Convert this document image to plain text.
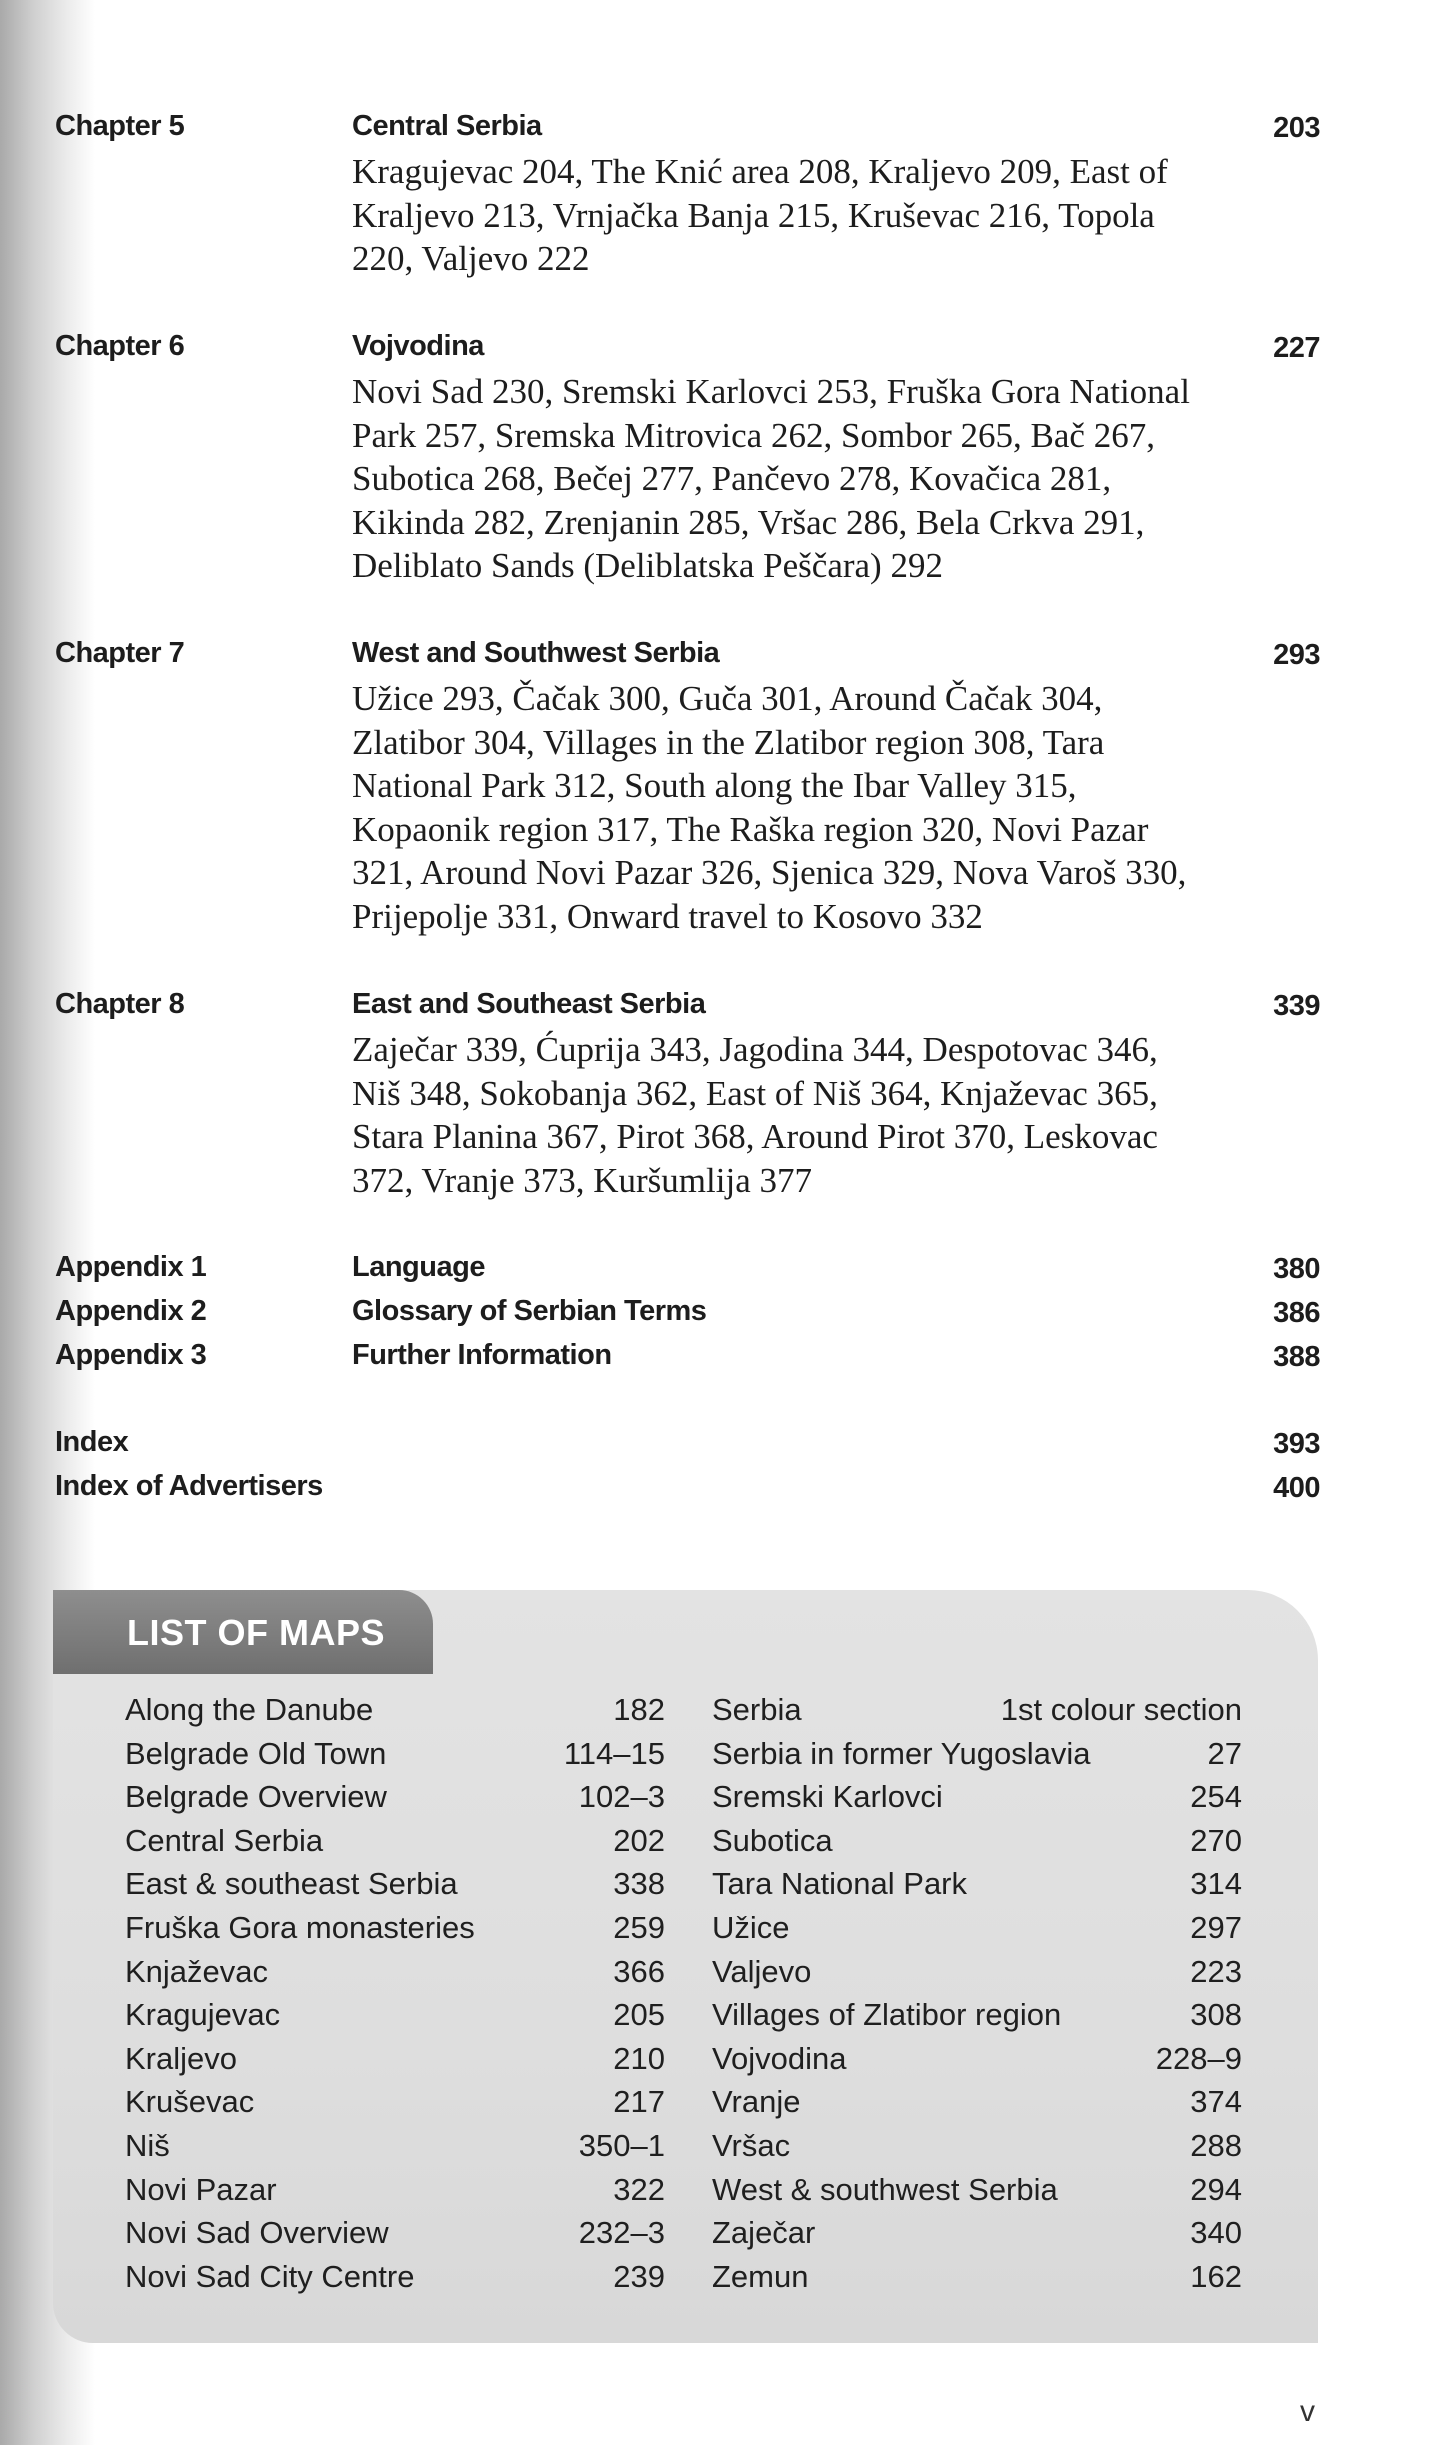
Chapter 5	Central Serbia	203
Kragujevac 204, The Knić area 208, Kraljevo 209, East of
Kraljevo 213, Vrnjačka Banja 215, Kruševac 216, Topola
220, Valjevo 222
Chapter 6	Vojvodina	227
Novi Sad 230, Sremski Karlovci 253, Fruška Gora National
Park 257, Sremska Mitrovica 262, Sombor 265, Bač 267,
Subotica 268, Bečej 277, Pančevo 278, Kovačica 281,
Kikinda 282, Zrenjanin 285, Vršac 286, Bela Crkva 291,
Deliblato Sands (Deliblatska Peščara) 292
Chapter 7	West and Southwest Serbia	293
Užice 293, Čačak 300, Guča 301, Around Čačak 304,
Zlatibor 304, Villages in the Zlatibor region 308, Tara
National Park 312, South along the Ibar Valley 315,
Kopaonik region 317, The Raška region 320, Novi Pazar
321, Around Novi Pazar 326, Sjenica 329, Nova Varoš 330,
Prijepolje 331, Onward travel to Kosovo 332
Chapter 8	East and Southeast Serbia	339
Zaječar 339, Ćuprija 343, Jagodina 344, Despotovac 346,
Niš 348, Sokobanja 362, East of Niš 364, Knjaževac 365,
Stara Planina 367, Pirot 368, Around Pirot 370, Leskovac
372, Vranje 373, Kuršumlija 377
Appendix 1	Language	380
Appendix 2	Glossary of Serbian Terms	386
Appendix 3	Further Information	388
Index	393
Index of Advertisers	400
LIST OF MAPS
Along the Danube	182
Belgrade Old Town	114–15
Belgrade Overview	102–3
Central Serbia	202
East & southeast Serbia	338
Fruška Gora monasteries	259
Knjaževac	366
Kragujevac	205
Kraljevo	210
Kruševac	217
Niš	350–1
Novi Pazar	322
Novi Sad Overview	232–3
Novi Sad City Centre	239
Serbia	1st colour section
Serbia in former Yugoslavia	27
Sremski Karlovci	254
Subotica	270
Tara National Park	314
Užice	297
Valjevo	223
Villages of Zlatibor region	308
Vojvodina	228–9
Vranje	374
Vršac	288
West & southwest Serbia	294
Zaječar	340
Zemun	162
v
